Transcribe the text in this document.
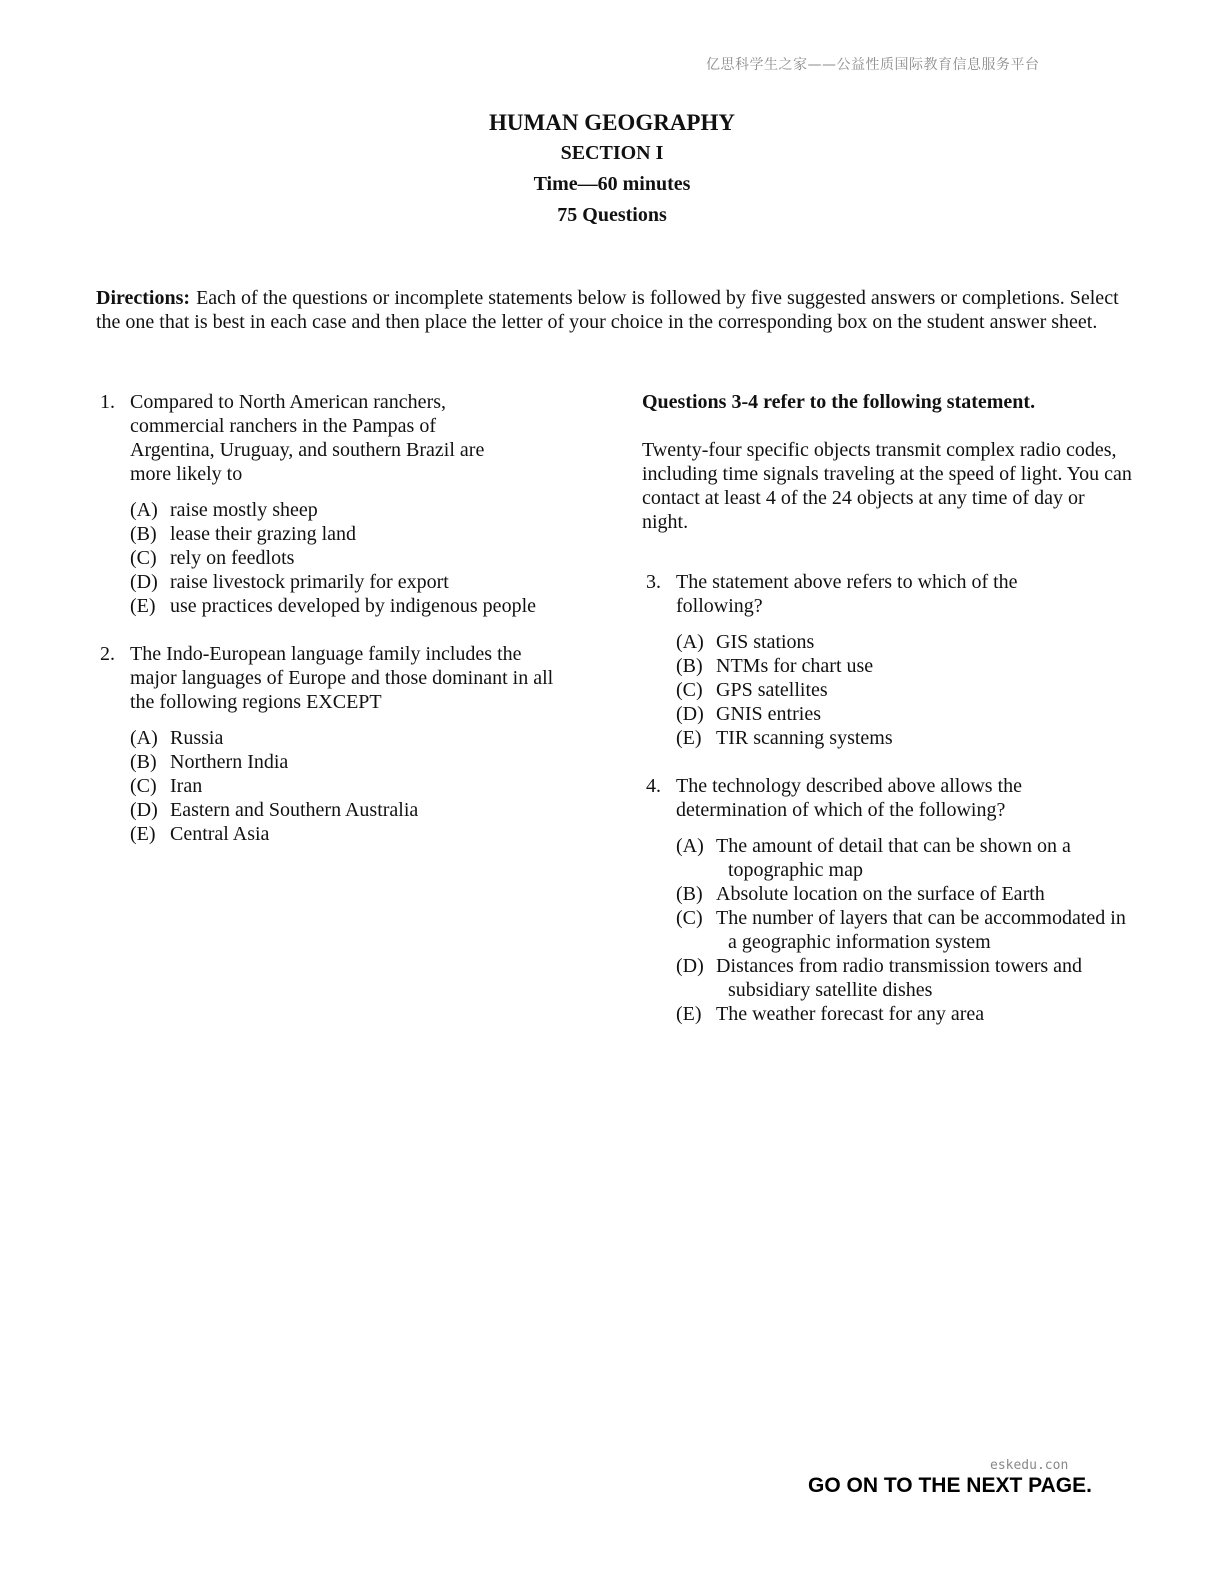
亿思科学生之家——公益性质国际教育信息服务平台
HUMAN GEOGRAPHY
SECTION I
Time—60 minutes
75 Questions
Directions: Each of the questions or incomplete statements below is followed by five suggested answers or completions. Select the one that is best in each case and then place the letter of your choice in the corresponding box on the student answer sheet.
1. Compared to North American ranchers, commercial ranchers in the Pampas of Argentina, Uruguay, and southern Brazil are more likely to
(A) raise mostly sheep
(B) lease their grazing land
(C) rely on feedlots
(D) raise livestock primarily for export
(E) use practices developed by indigenous people
2. The Indo-European language family includes the major languages of Europe and those dominant in all the following regions EXCEPT
(A) Russia
(B) Northern India
(C) Iran
(D) Eastern and Southern Australia
(E) Central Asia
Questions 3-4 refer to the following statement.
Twenty-four specific objects transmit complex radio codes, including time signals traveling at the speed of light. You can contact at least 4 of the 24 objects at any time of day or night.
3. The statement above refers to which of the following?
(A) GIS stations
(B) NTMs for chart use
(C) GPS satellites
(D) GNIS entries
(E) TIR scanning systems
4. The technology described above allows the determination of which of the following?
(A) The amount of detail that can be shown on a topographic map
(B) Absolute location on the surface of Earth
(C) The number of layers that can be accommodated in a geographic information system
(D) Distances from radio transmission towers and subsidiary satellite dishes
(E) The weather forecast for any area
eskedu.con
GO ON TO THE NEXT PAGE.
